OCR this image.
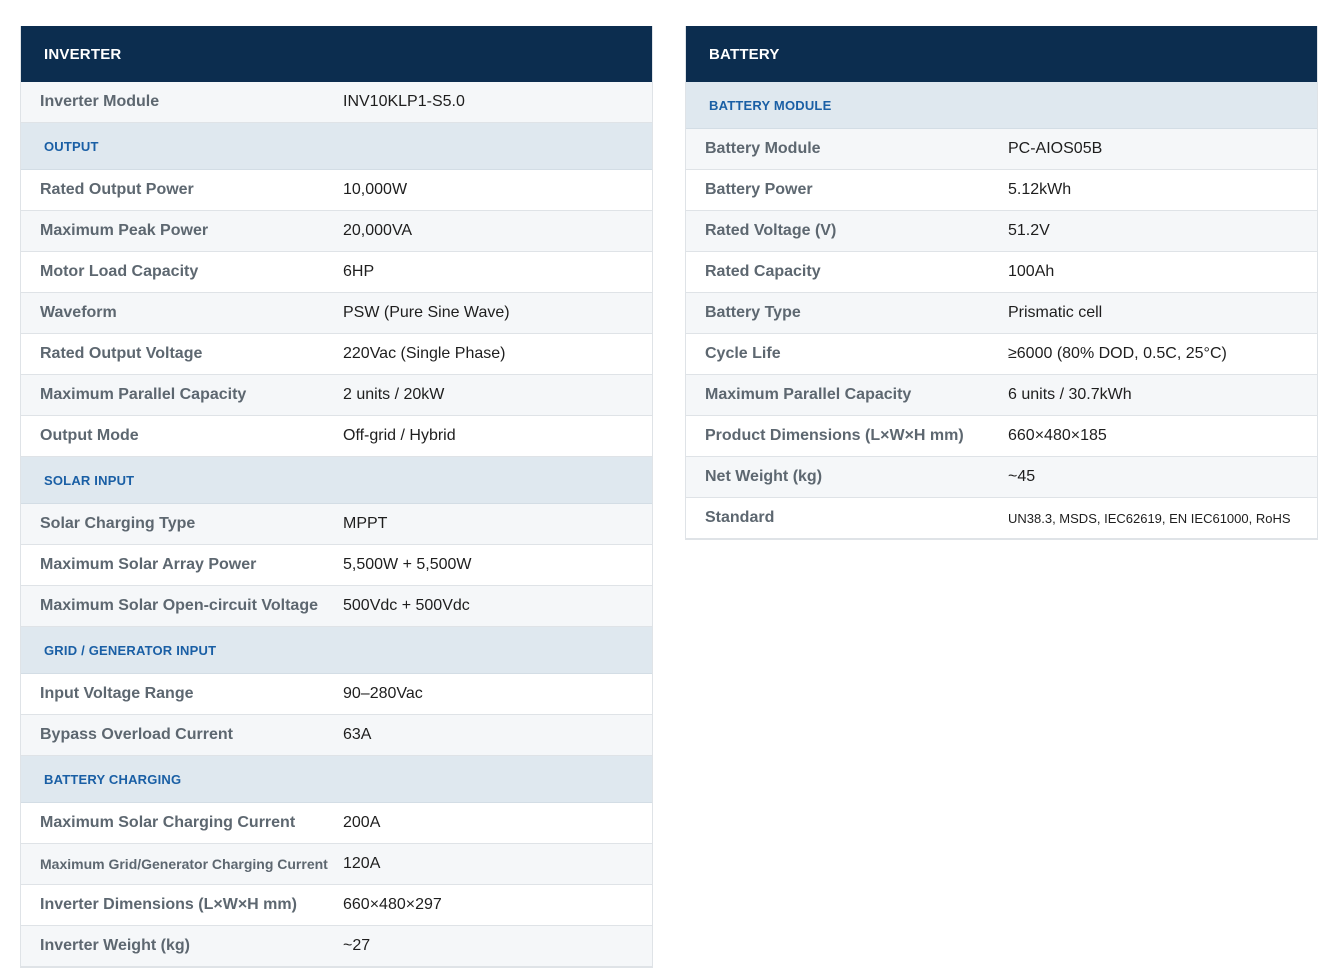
INVERTER
Inverter Module	INV10KLP1-S5.0
OUTPUT
Rated Output Power	10,000W
Maximum Peak Power	20,000VA
Motor Load Capacity	6HP
Waveform	PSW (Pure Sine Wave)
Rated Output Voltage	220Vac (Single Phase)
Maximum Parallel Capacity	2 units / 20kW
Output Mode	Off-grid / Hybrid
SOLAR INPUT
Solar Charging Type	MPPT
Maximum Solar Array Power	5,500W + 5,500W
Maximum Solar Open-circuit Voltage	500Vdc + 500Vdc
GRID / GENERATOR INPUT
Input Voltage Range	90–280Vac
Bypass Overload Current	63A
BATTERY CHARGING
Maximum Solar Charging Current	200A
Maximum Grid/Generator Charging Current 120A
Inverter Dimensions (L×W×H mm)	660×480×297
Inverter Weight (kg)	~27
BATTERY
BATTERY MODULE
Battery Module	PC-AIOS05B
Battery Power	5.12kWh
Rated Voltage (V)	51.2V
Rated Capacity	100Ah
Battery Type	Prismatic cell
Cycle Life	≥6000 (80% DOD, 0.5C, 25°C)
Maximum Parallel Capacity	6 units / 30.7kWh
Product Dimensions (L×W×H mm)	660×480×185
Net Weight (kg)	~45
Standard	UN38.3, MSDS, IEC62619, EN IEC61000, RoHS
